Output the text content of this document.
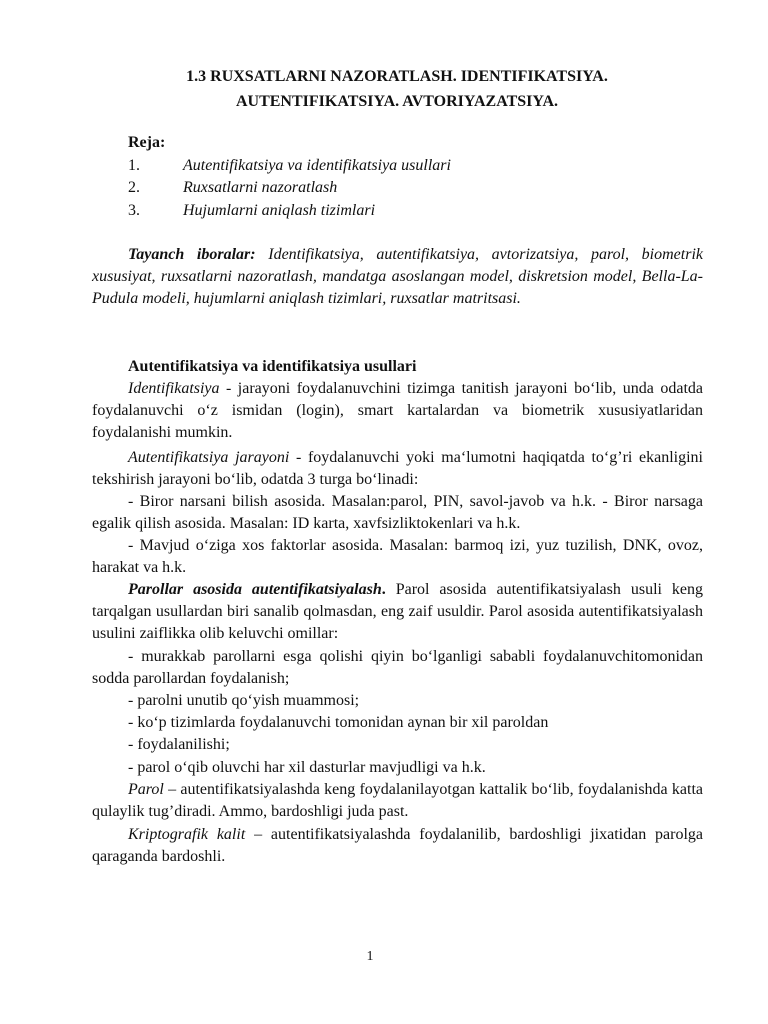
1.3 RUXSATLARNI NAZORATLASH. IDENTIFIKATSIYA.
AUTENTIFIKATSIYA. AVTORIYAZATSIYA.
Reja:
1.	Autentifikatsiya va identifikatsiya usullari
2.	Ruxsatlarni nazoratlash
3.	Hujumlarni aniqlash tizimlari
Tayanch iboralar: Identifikatsiya, autentifikatsiya, avtorizatsiya, parol, biometrik xususiyat, ruxsatlarni nazoratlash, mandatga asoslangan model, diskretsion model, Bella-La-Pudula modeli, hujumlarni aniqlash tizimlari, ruxsatlar matritsasi.
Autentifikatsiya va identifikatsiya usullari
Identifikatsiya - jarayoni foydalanuvchini tizimga tanitish jarayoni bo‘lib, unda odatda foydalanuvchi o‘z ismidan (login), smart kartalardan va biometrik xususiyatlaridan foydalanishi mumkin.
Autentifikatsiya jarayoni - foydalanuvchi yoki ma‘lumotni haqiqatda to‘g’ri ekanligini tekshirish jarayoni bo‘lib, odatda 3 turga bo‘linadi:
- Biror narsani bilish asosida. Masalan:parol, PIN, savol-javob va h.k. - Biror narsaga egalik qilish asosida. Masalan: ID karta, xavfsizliktokenlari va h.k.
- Mavjud o‘ziga xos faktorlar asosida. Masalan: barmoq izi, yuz tuzilish, DNK, ovoz, harakat va h.k.
Parollar asosida autentifikatsiyalash. Parol asosida autentifikatsiyalash usuli keng tarqalgan usullardan biri sanalib qolmasdan, eng zaif usuldir. Parol asosida autentifikatsiyalash usulini zaiflikka olib keluvchi omillar:
- murakkab parollarni esga qolishi qiyin bo‘lganligi sababli foydalanuvchitomonidan sodda parollardan foydalanish;
- parolni unutib qo‘yish muammosi;
- ko‘p tizimlarda foydalanuvchi tomonidan aynan bir xil paroldan
- foydalanilishi;
- parol o‘qib oluvchi har xil dasturlar mavjudligi va h.k.
Parol – autentifikatsiyalashda keng foydalanilayotgan kattalik bo‘lib, foydalanishda katta qulaylik tug’diradi. Ammo, bardoshligi juda past.
Kriptografik kalit – autentifikatsiyalashda foydalanilib, bardoshligi jixatidan parolga qaraganda bardoshli.
1
